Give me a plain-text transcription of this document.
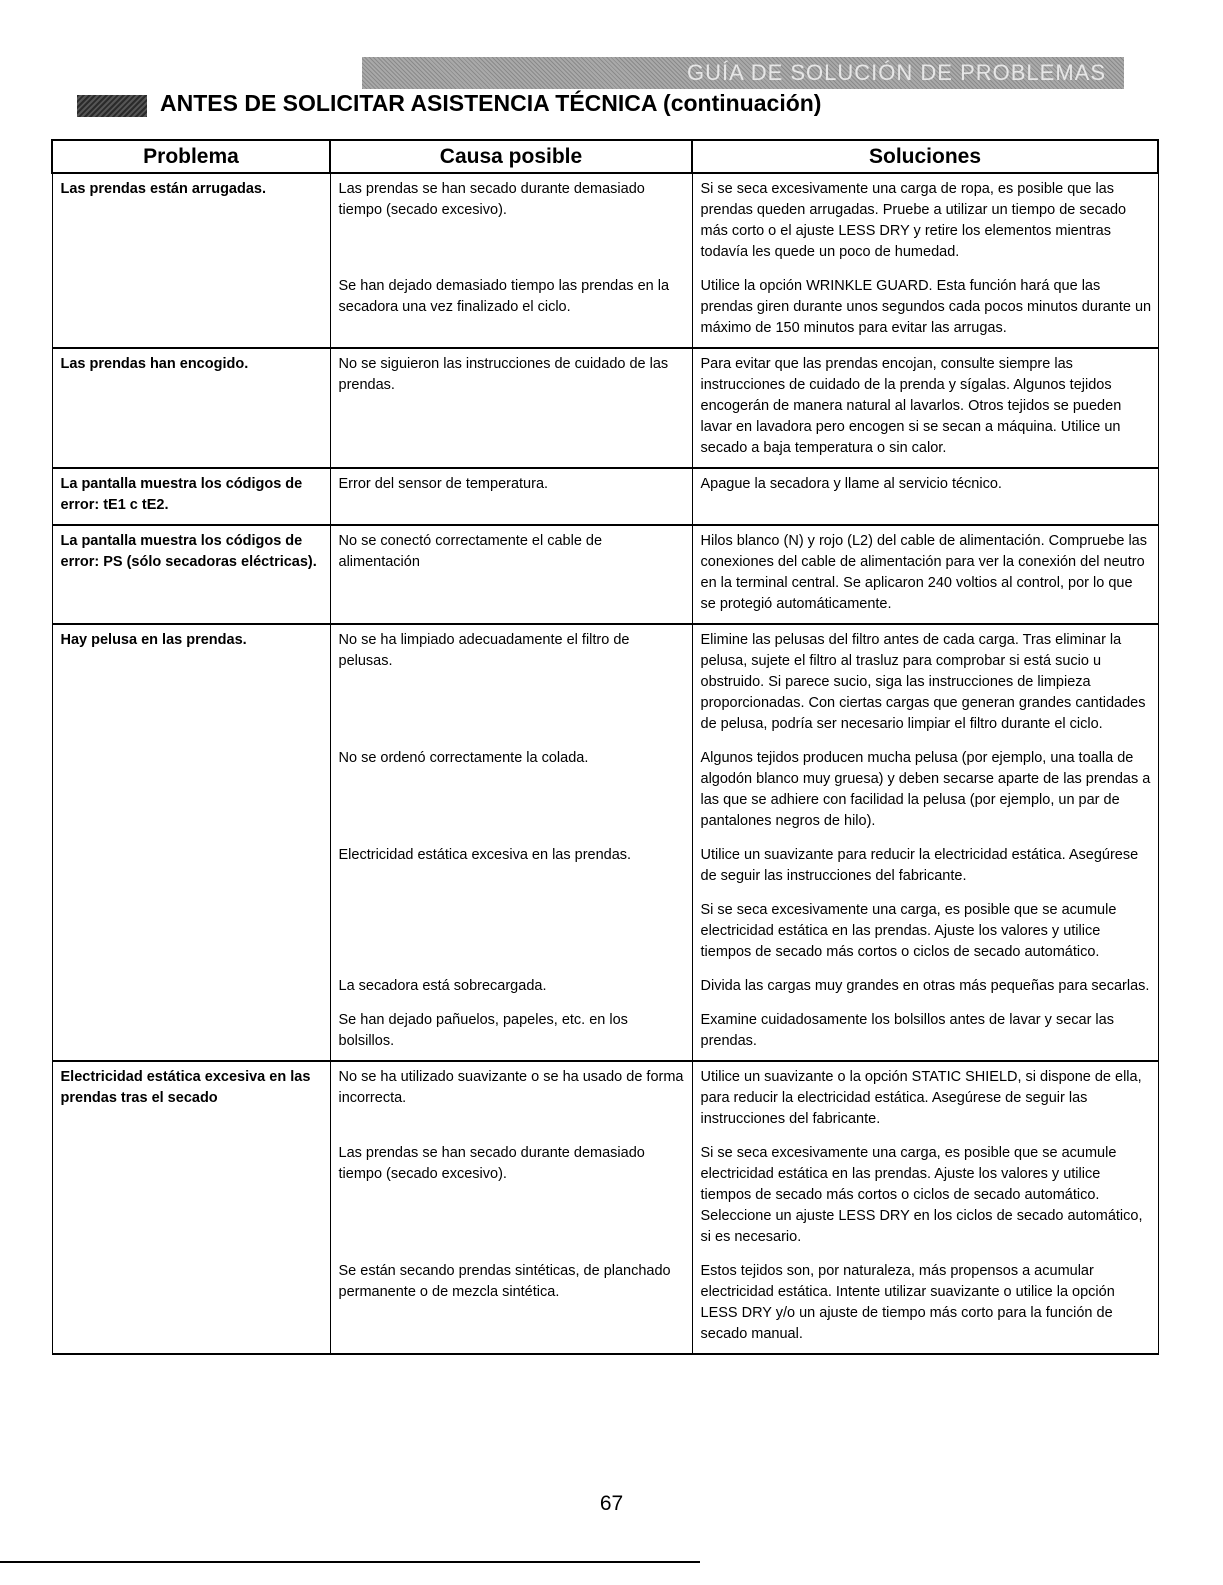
GUÍA DE SOLUCIÓN DE PROBLEMAS
ANTES DE SOLICITAR ASISTENCIA TÉCNICA (continuación)
Problema	Causa posible	Soluciones
Las prendas están arrugadas.	Las prendas se han secado durante demasiado tiempo (secado excesivo).	Si se seca excesivamente una carga de ropa, es posible que las prendas queden arrugadas. Pruebe a utilizar un tiempo de secado más corto o el ajuste LESS DRY y retire los elementos mientras todavía les quede un poco de humedad.
	Se han dejado demasiado tiempo las prendas en la secadora una vez finalizado el ciclo.	Utilice la opción WRINKLE GUARD. Esta función hará que las prendas giren durante unos segundos cada pocos minutos durante un máximo de 150 minutos para evitar las arrugas.
Las prendas han encogido.	No se siguieron las instrucciones de cuidado de las prendas.	Para evitar que las prendas encojan, consulte siempre las instrucciones de cuidado de la prenda y sígalas. Algunos tejidos encogerán de manera natural al lavarlos. Otros tejidos se pueden lavar en lavadora pero encogen si se secan a máquina. Utilice un secado a baja temperatura o sin calor.
La pantalla muestra los códigos de error: tE1 c tE2.	Error del sensor de temperatura.	Apague la secadora y llame al servicio técnico.
La pantalla muestra los códigos de error: PS (sólo secadoras eléctricas).	No se conectó correctamente el cable de alimentación	Hilos blanco (N) y rojo (L2) del cable de alimentación. Compruebe las conexiones del cable de alimentación para ver la conexión del neutro en la terminal central. Se aplicaron 240 voltios al control, por lo que se protegió automáticamente.
Hay pelusa en las prendas.	No se ha limpiado adecuadamente el filtro de pelusas.	Elimine las pelusas del filtro antes de cada carga. Tras eliminar la pelusa, sujete el filtro al trasluz para comprobar si está sucio u obstruido. Si parece sucio, siga las instrucciones de limpieza proporcionadas. Con ciertas cargas que generan grandes cantidades de pelusa, podría ser necesario limpiar el filtro durante el ciclo.
	No se ordenó correctamente la colada.	Algunos tejidos producen mucha pelusa (por ejemplo, una toalla de algodón blanco muy gruesa) y deben secarse aparte de las prendas a las que se adhiere con facilidad la pelusa (por ejemplo, un par de pantalones negros de hilo).
	Electricidad estática excesiva en las prendas.	Utilice un suavizante para reducir la electricidad estática. Asegúrese de seguir las instrucciones del fabricante.
		Si se seca excesivamente una carga, es posible que se acumule electricidad estática en las prendas. Ajuste los valores y utilice tiempos de secado más cortos o ciclos de secado automático.
	La secadora está sobrecargada.	Divida las cargas muy grandes en otras más pequeñas para secarlas.
	Se han dejado pañuelos, papeles, etc. en los bolsillos.	Examine cuidadosamente los bolsillos antes de lavar y secar las prendas.
Electricidad estática excesiva en las prendas tras el secado	No se ha utilizado suavizante o se ha usado de forma incorrecta.	Utilice un suavizante o la opción STATIC SHIELD, si dispone de ella, para reducir la electricidad estática. Asegúrese de seguir las instrucciones del fabricante.
	Las prendas se han secado durante demasiado tiempo (secado excesivo).	Si se seca excesivamente una carga, es posible que se acumule electricidad estática en las prendas. Ajuste los valores y utilice tiempos de secado más cortos o ciclos de secado automático. Seleccione un ajuste LESS DRY en los ciclos de secado automático, si es necesario.
	Se están secando prendas sintéticas, de planchado permanente o de mezcla sintética.	Estos tejidos son, por naturaleza, más propensos a acumular electricidad estática. Intente utilizar suavizante o utilice la opción LESS DRY y/o un ajuste de tiempo más corto para la función de secado manual.
67
